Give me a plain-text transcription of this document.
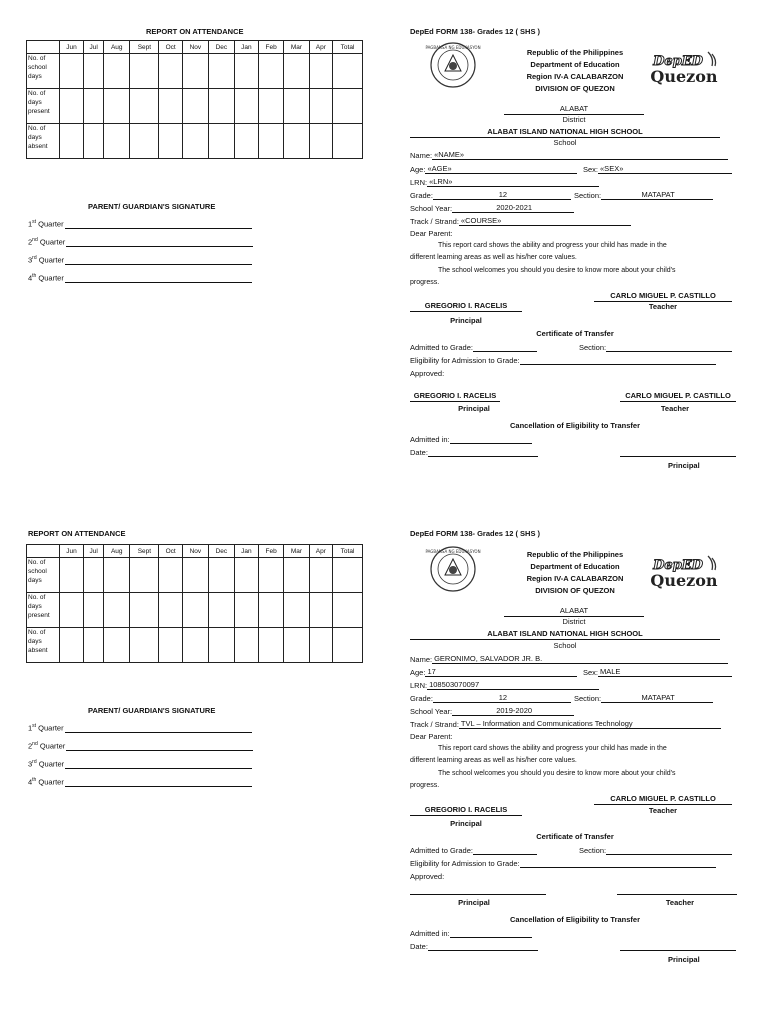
REPORT ON ATTENDANCE
	Jun	Jul	Aug	Sept	Oct	Nov	Dec	Jan	Feb	Mar	Apr	Total
No. of
school
days												
No. of
days
present												
No. of
days
absent												
PARENT/ GUARDIAN'S SIGNATURE
1st Quarter
2nd Quarter
3rd Quarter
4th Quarter
DepEd FORM 138- Grades 12 ( SHS )
PAGBANSA NG EDUKASYON
Republic of the Philippines
Department of Education
Region IV-A CALABARZON
DIVISION OF QUEZON
DepED
Quezon
ALABAT
District
ALABAT ISLAND NATIONAL HIGH SCHOOL
School
Name: «NAME»
Age: «AGE»	Sex: «SEX»
LRN: «LRN»
Grade:	12	Section:	MATAPAT
School Year:	2020-2021
Track / Strand: «COURSE»
Dear Parent:
This report card shows the ability and progress your child has made in the
different learning areas as well as his/her core values.
The school welcomes you should you desire to know more about your child's
progress.
CARLO MIGUEL P. CASTILLO
Teacher
GREGORIO I. RACELIS
Principal
Certificate of Transfer
Admitted to Grade:	Section:
Eligibility for Admission to Grade:
Approved:
GREGORIO I. RACELIS
Principal
CARLO MIGUEL P. CASTILLO
Teacher
Cancellation of Eligibility to Transfer
Admitted in:
Date:
Principal
REPORT ON ATTENDANCE
	Jun	Jul	Aug	Sept	Oct	Nov	Dec	Jan	Feb	Mar	Apr	Total
No. of
school
days												
No. of
days
present												
No. of
days
absent												
PARENT/ GUARDIAN'S SIGNATURE
1st Quarter
2nd Quarter
3rd Quarter
4th Quarter
DepEd FORM 138- Grades 12 ( SHS )
PAGBANSA NG EDUKASYON	Republic of the Philippines
Department of Education
Region IV-A CALABARZON
DIVISION OF QUEZON
DepED
Quezon
ALABAT
District
ALABAT ISLAND NATIONAL HIGH SCHOOL
School
Name: GERONIMO, SALVADOR JR. B.
Age: 17	Sex: MALE
LRN: 108503070097
Grade:	12	Section:	MATAPAT
School Year:	2019-2020
Track / Strand: TVL – Information and Communications Technology
Dear Parent:
This report card shows the ability and progress your child has made in the
different learning areas as well as his/her core values.
The school welcomes you should you desire to know more about your child's
progress.
CARLO MIGUEL P. CASTILLO
Teacher
GREGORIO I. RACELIS
Principal
Certificate of Transfer
Admitted to Grade:	Section:
Eligibility for Admission to Grade:
Approved:
Principal	Teacher
Cancellation of Eligibility to Transfer
Admitted in:
Date:
Principal
